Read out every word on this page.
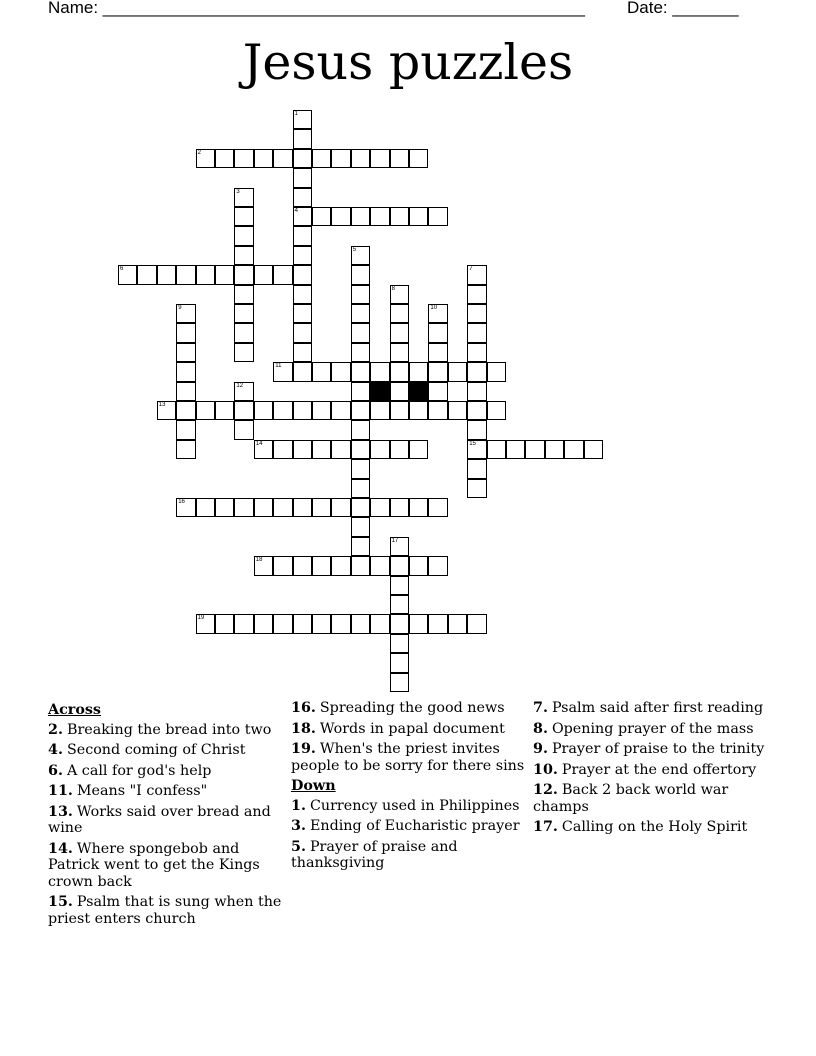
Name: ___________________________________________________ Date: _______
Jesus puzzles
2
4
6
11
13
14	15
16
18
19
1
3
5
7
8
9	10
12
17
Across
2. Breaking the bread into two
4. Second coming of Christ
6. A call for god's help
11. Means "I confess"
13. Works said over bread and wine
14. Where spongebob and Patrick went to get the Kings crown back
15. Psalm that is sung when the priest enters church
16. Spreading the good news
18. Words in papal document
19. When's the priest invites people to be sorry for there sins
Down
1. Currency used in Philippines
3. Ending of Eucharistic prayer
5. Prayer of praise and thanksgiving
7. Psalm said after first reading
8. Opening prayer of the mass
9. Prayer of praise to the trinity
10. Prayer at the end offertory
12. Back 2 back world war champs
17. Calling on the Holy Spirit
